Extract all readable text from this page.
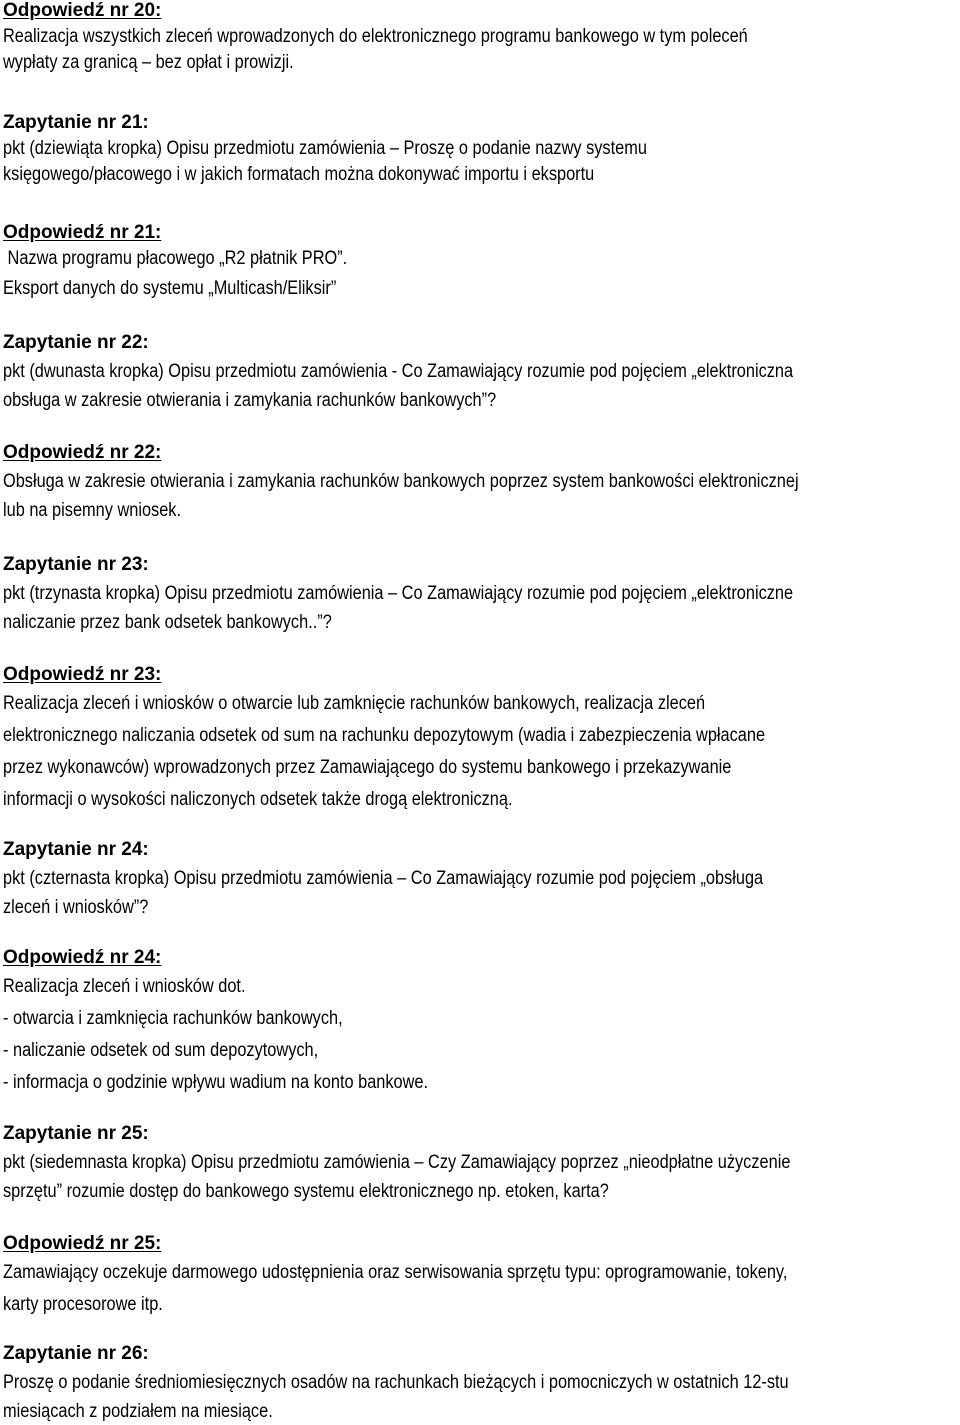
Odpowiedź nr 20:
Realizacja wszystkich zleceń wprowadzonych do elektronicznego programu bankowego w tym poleceń
wypłaty za granicą – bez opłat i prowizji.
Zapytanie nr 21:
pkt (dziewiąta kropka) Opisu przedmiotu zamówienia – Proszę o podanie nazwy systemu
księgowego/płacowego i w jakich formatach można dokonywać importu i eksportu
Odpowiedź nr 21:
Nazwa programu płacowego „R2 płatnik PRO”.
Eksport danych do systemu „Multicash/Eliksir”
Zapytanie nr 22:
pkt (dwunasta kropka) Opisu przedmiotu zamówienia - Co Zamawiający rozumie pod pojęciem „elektroniczna
obsługa w zakresie otwierania i zamykania rachunków bankowych”?
Odpowiedź nr 22:
Obsługa w zakresie otwierania i zamykania rachunków bankowych poprzez system bankowości elektronicznej
lub na pisemny wniosek.
Zapytanie nr 23:
pkt (trzynasta kropka) Opisu przedmiotu zamówienia – Co Zamawiający rozumie pod pojęciem „elektroniczne
naliczanie przez bank odsetek bankowych..”?
Odpowiedź nr 23:
Realizacja zleceń i wniosków o otwarcie lub zamknięcie rachunków bankowych, realizacja zleceń
elektronicznego naliczania odsetek od sum na rachunku depozytowym (wadia i zabezpieczenia wpłacane
przez wykonawców) wprowadzonych przez Zamawiającego do systemu bankowego i przekazywanie
informacji o wysokości naliczonych odsetek także drogą elektroniczną.
Zapytanie nr 24:
pkt (czternasta kropka) Opisu przedmiotu zamówienia – Co Zamawiający rozumie pod pojęciem „obsługa
zleceń i wniosków”?
Odpowiedź nr 24:
Realizacja zleceń i wniosków dot.
- otwarcia i zamknięcia rachunków bankowych,
- naliczanie odsetek od sum depozytowych,
- informacja o godzinie wpływu wadium na konto bankowe.
Zapytanie nr 25:
pkt (siedemnasta kropka) Opisu przedmiotu zamówienia – Czy Zamawiający poprzez „nieodpłatne użyczenie
sprzętu” rozumie dostęp do bankowego systemu elektronicznego np. etoken, karta?
Odpowiedź nr 25:
Zamawiający oczekuje darmowego udostępnienia oraz serwisowania sprzętu typu: oprogramowanie, tokeny,
karty procesorowe itp.
Zapytanie nr 26:
Proszę o podanie średniomiesięcznych osadów na rachunkach bieżących i pomocniczych w ostatnich 12-stu
miesiącach z podziałem na miesiące.
